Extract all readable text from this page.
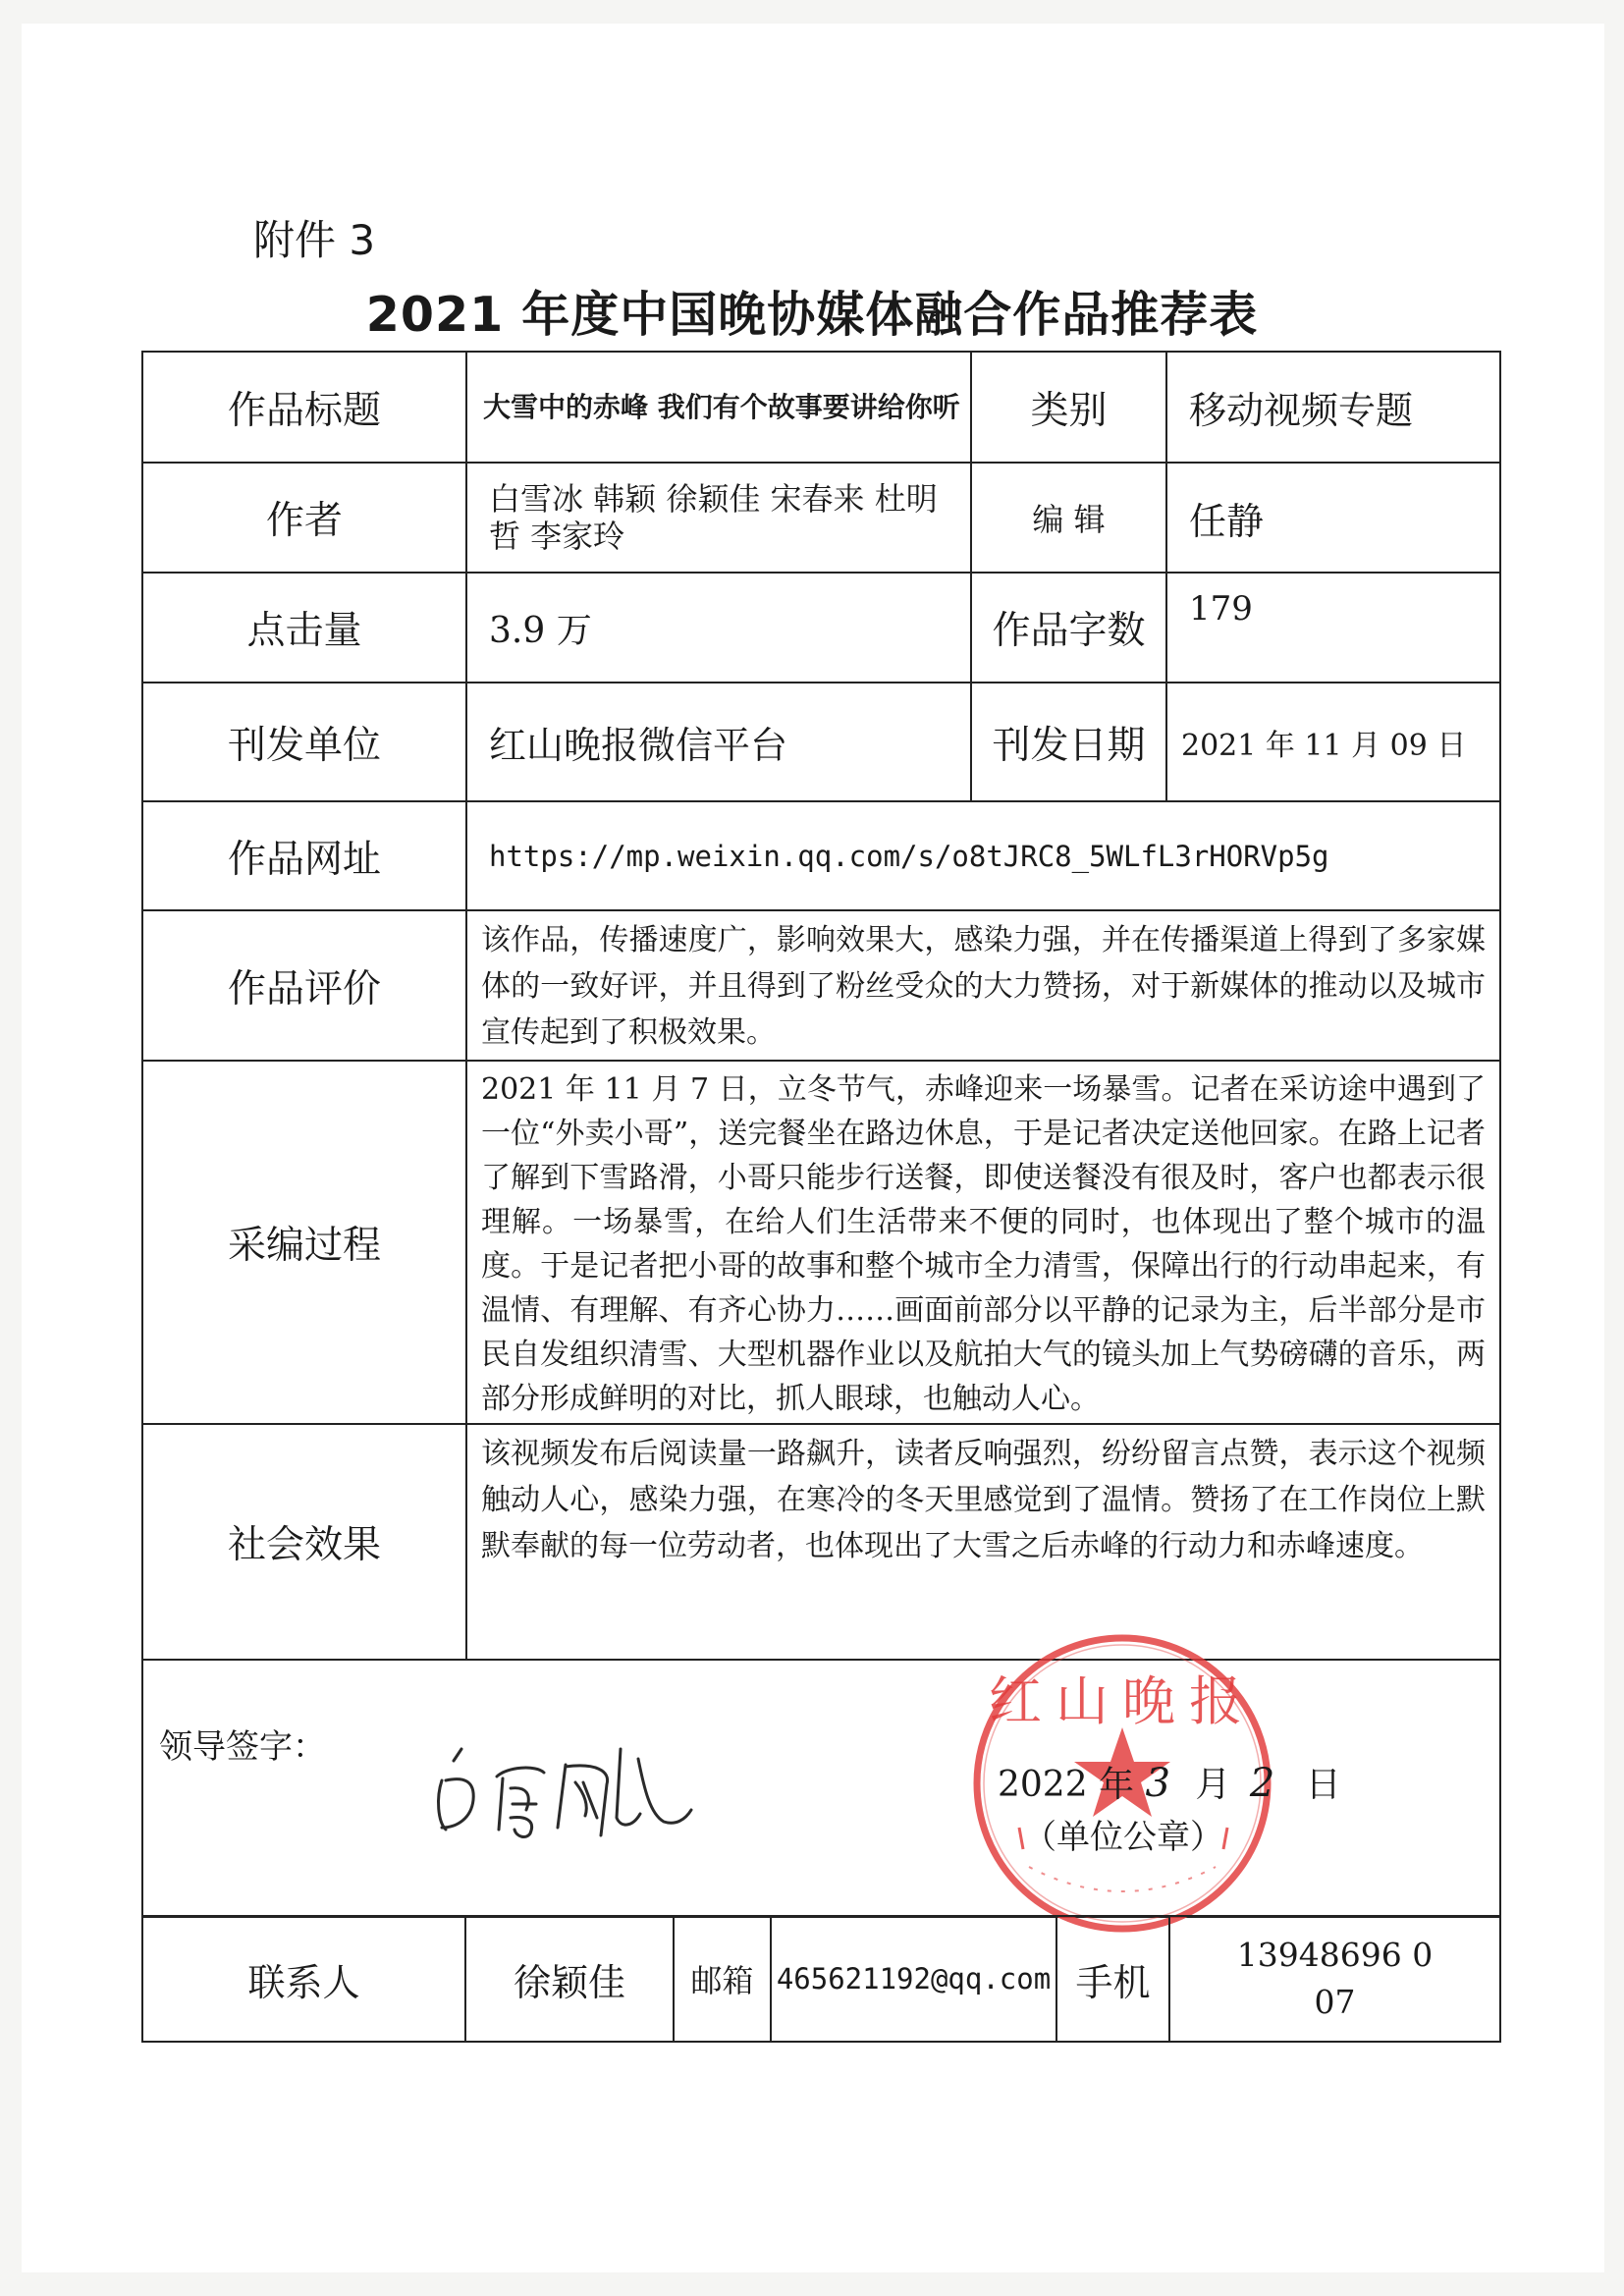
附件 3
2021 年度中国晚协媒体融合作品推荐表
作品标题	大雪中的赤峰 我们有个故事要讲给你听	类别	移动视频专题
作者	白雪冰 韩颖 徐颖佳 宋春来 杜明哲 李家玲	编 辑	任静
点击量	3.9 万	作品字数	179
刊发单位	红山晚报微信平台	刊发日期	2021 年 11 月 09 日
作品网址	https://mp.weixin.qq.com/s/o8tJRC8_5WLfL3rHORVp5g		
作品评价	该作品，传播速度广，影响效果大，感染力强，并在传播渠道上得到了多家媒体的一致好评，并且得到了粉丝受众的大力赞扬，对于新媒体的推动以及城市宣传起到了积极效果。		
采编过程	2021 年 11 月 7 日，立冬节气，赤峰迎来一场暴雪。记者在采访途中遇到了一位“外卖小哥”，送完餐坐在路边休息，于是记者决定送他回家。在路上记者了解到下雪路滑，小哥只能步行送餐，即使送餐没有很及时，客户也都表示很理解。一场暴雪，在给人们生活带来不便的同时，也体现出了整个城市的温度。于是记者把小哥的故事和整个城市全力清雪，保障出行的行动串起来，有温情、有理解、有齐心协力……画面前部分以平静的记录为主，后半部分是市民自发组织清雪、大型机器作业以及航拍大气的镜头加上气势磅礴的音乐，两部分形成鲜明的对比，抓人眼球，也触动人心。		
社会效果	该视频发布后阅读量一路飙升，读者反响强烈，纷纷留言点赞，表示这个视频触动人心，感染力强，在寒冷的冬天里感觉到了温情。赞扬了在工作岗位上默默奉献的每一位劳动者，也体现出了大雪之后赤峰的行动力和赤峰速度。		

领导签字：
红山晚报
2022 年 3 月 2 日
（单位公章）			
联系人	徐颖佳	邮箱	465621192@qq.com	手机	13948696 007
